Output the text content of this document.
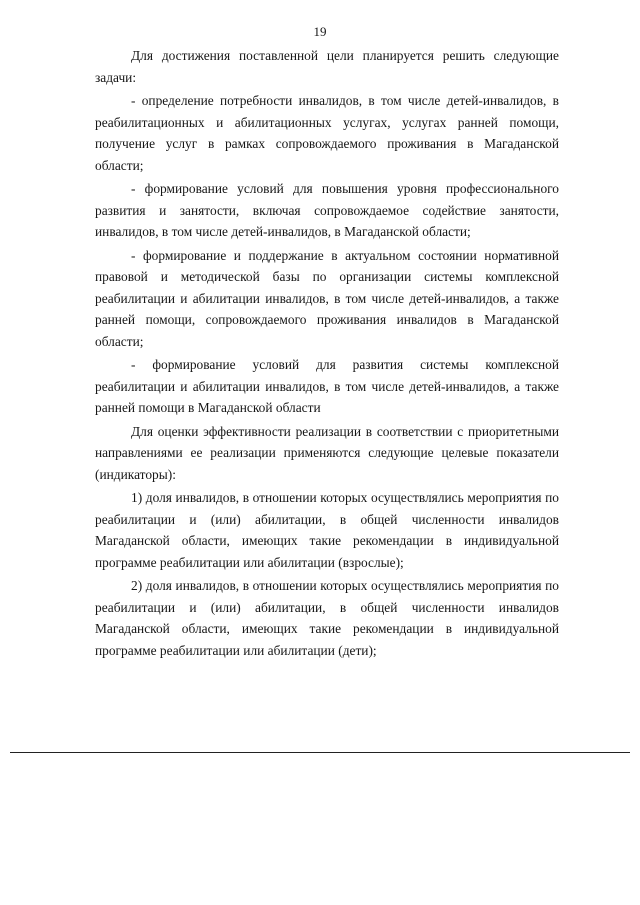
19

Для достижения поставленной цели планируется решить следующие задачи:

- определение потребности инвалидов, в том числе детей-инвалидов, в реабилитационных и абилитационных услугах, услугах ранней помощи, получение услуг в рамках сопровождаемого проживания в Магаданской области;

- формирование условий для повышения уровня профессионального развития и занятости, включая сопровождаемое содействие занятости, инвалидов, в том числе детей-инвалидов, в Магаданской области;

- формирование и поддержание в актуальном состоянии нормативной правовой и методической базы по организации системы комплексной реабилитации и абилитации инвалидов, в том числе детей-инвалидов, а также ранней помощи, сопровождаемого проживания инвалидов в Магаданской области;

- формирование условий для развития системы комплексной реабилитации и абилитации инвалидов, в том числе детей-инвалидов, а также ранней помощи в Магаданской области

Для оценки эффективности реализации в соответствии с приоритетными направлениями ее реализации применяются следующие целевые показатели (индикаторы):

1) доля инвалидов, в отношении которых осуществлялись мероприятия по реабилитации и (или) абилитации, в общей численности инвалидов Магаданской области, имеющих такие рекомендации в индивидуальной программе реабилитации или абилитации (взрослые);

2) доля инвалидов, в отношении которых осуществлялись мероприятия по реабилитации и (или) абилитации, в общей численности инвалидов Магаданской области, имеющих такие рекомендации в индивидуальной программе реабилитации или абилитации (дети);
